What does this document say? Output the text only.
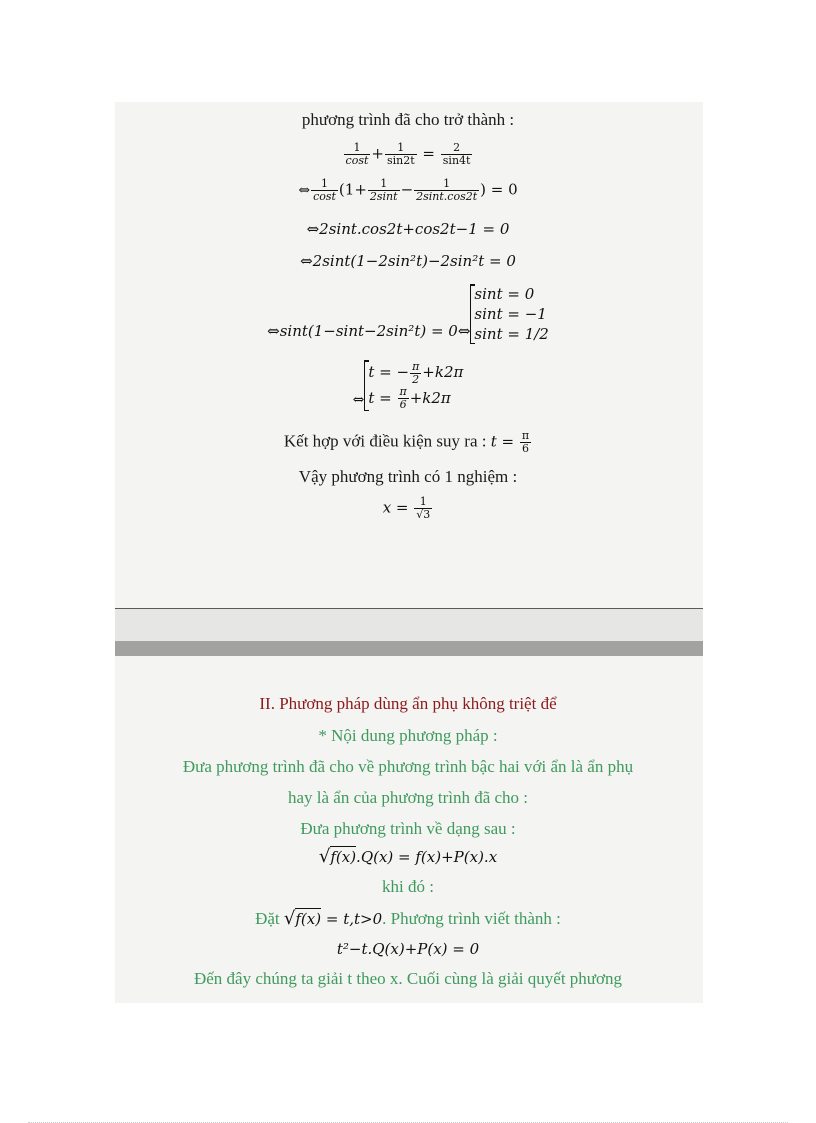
phương trình đã cho trở thành :
$\frac{1}{\cos t} + \frac{1}{\sin 2t} = \frac{2}{\sin 4t}$
⇔ $\frac{1}{\cos t} (1+ \frac{1}{2\sin t} - \frac{1}{2\sin t.\cos 2t}$ ) = 0
⇔2sint.cos2t+cos2t−1 = 0
⇔2sint(1−2sin²t)−2sin²t = 0
⇔sint(1−sint−2sin²t) = 0⇔
sint = 0
sint = −1
sint = 1/2
⇔
t = − $\frac{\pi}{2} +k2\pi$
$t = \frac{\pi}{6} +k2\pi$
Kết hợp với điều kiện suy ra : $t = \frac{\pi}{6}$
Vậy phương trình có 1 nghiệm :
$x = \frac{1}{√3}$
II. Phương pháp dùng ẩn phụ không triệt để
* Nội dung phương pháp :
Đưa phương trình đã cho về phương trình bậc hai với ẩn là ẩn phụ
hay là ẩn của phương trình đã cho :
Đưa phương trình về dạng sau :
√f(x).Q(x) = f(x)+P(x).x
khi đó :
Đặt √f(x) = t,t>0. Phương trình viết thành :
t²−t.Q(x)+P(x) = 0
Đến đây chúng ta giải t theo x. Cuối cùng là giải quyết phương
